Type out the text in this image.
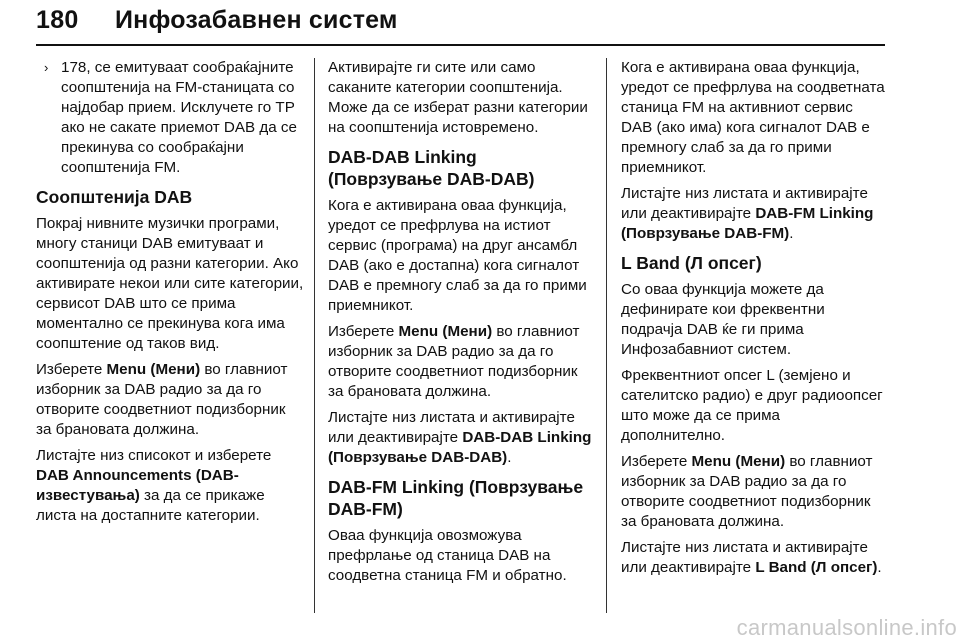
180 Инфозабавнен систем

› 178, се емитуваат сообраќајните соопштенија на FM-станицата со најдобар прием. Исклучете го TP ако не сакате приемот DAB да се прекинува со сообраќајни соопштенија FM.

Соопштенија DAB

Покрај нивните музички програми, многу станици DAB емитуваат и соопштенија од разни категории. Ако активирате некои или сите категории, сервисот DAB што се прима моментално се прекинува кога има соопштение од таков вид.

Изберете Menu (Мени) во главниот изборник за DAB радио за да го отворите соодветниот подизборник за брановата должина.

Листајте низ списокот и изберете DAB Announcements (DAB-известувања) за да се прикаже листа на достапните категории.

Активирајте ги сите или само саканите категории соопштенија. Може да се изберат разни категории на соопштенија истовремено.

DAB-DAB Linking (Поврзување DAB-DAB)

Кога е активирана оваа функција, уредот се префрлува на истиот сервис (програма) на друг ансамбл DAB (ако е достапна) кога сигналот DAB е премногу слаб за да го прими приемникот.

Изберете Menu (Мени) во главниот изборник за DAB радио за да го отворите соодветниот подизборник за брановата должина.

Листајте низ листата и активирајте или деактивирајте DAB-DAB Linking (Поврзување DAB-DAB).

DAB-FM Linking (Поврзување DAB-FM)

Оваа функција овозможува префрлање од станица DAB на соодветна станица FM и обратно.

Кога е активирана оваа функција, уредот се префрлува на соодветната станица FM на активниот сервис DAB (ако има) кога сигналот DAB е премногу слаб за да го прими приемникот.

Листајте низ листата и активирајте или деактивирајте DAB-FM Linking (Поврзување DAB-FM).

L Band (Л опсег)

Со оваа функција можете да дефинирате кои фреквентни подрачја DAB ќе ги прима Инфозабавниот систем.

Фреквентниот опсег L (земјено и сателитско радио) е друг радиоопсег што може да се прима дополнително.

Изберете Menu (Мени) во главниот изборник за DAB радио за да го отворите соодветниот подизборник за брановата должина.

Листајте низ листата и активирајте или деактивирајте L Band (Л опсег).

carmanualsonline.info
